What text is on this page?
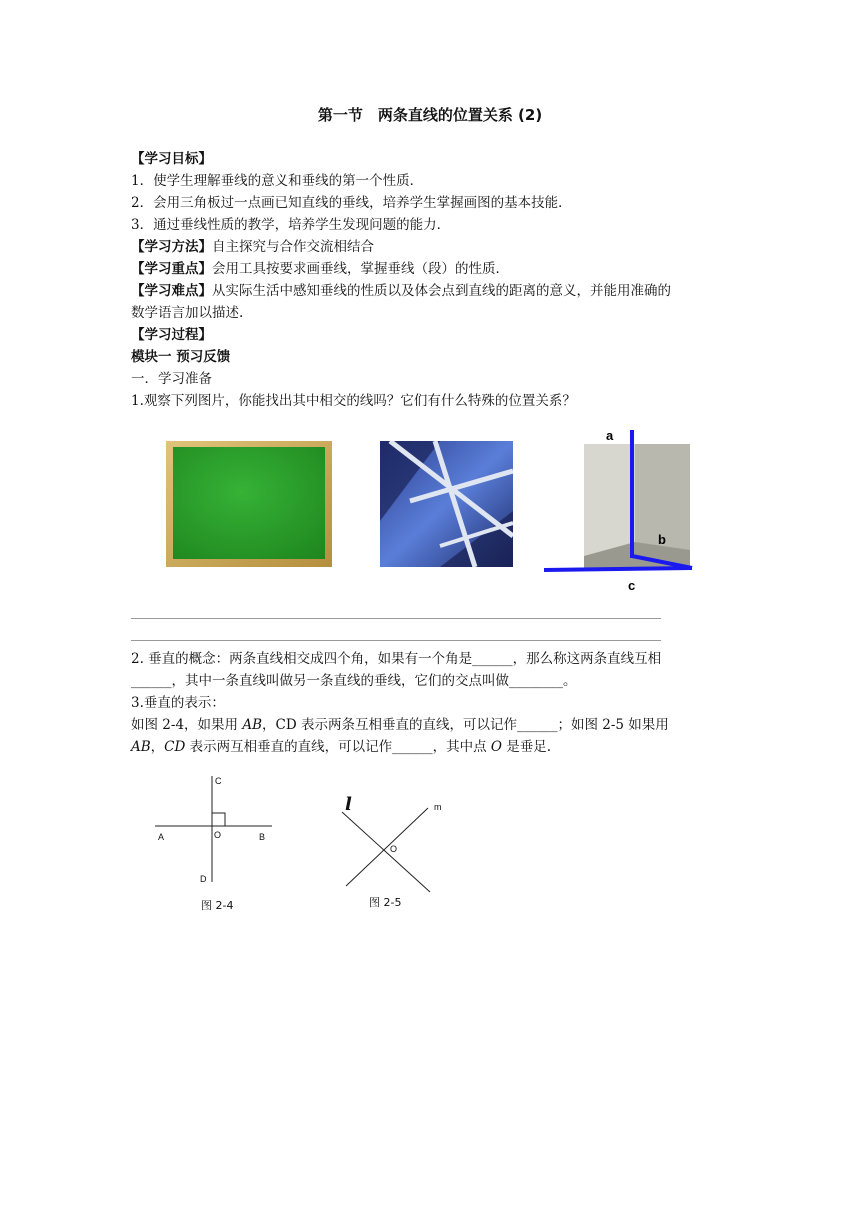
第一节　两条直线的位置关系 (2)
【学习目标】
1．使学生理解垂线的意义和垂线的第一个性质．
2．会用三角板过一点画已知直线的垂线，培养学生掌握画图的基本技能．
3．通过垂线性质的教学，培养学生发现问题的能力．
【学习方法】自主探究与合作交流相结合
【学习重点】会用工具按要求画垂线，掌握垂线（段）的性质．
【学习难点】从实际生活中感知垂线的性质以及体会点到直线的距离的意义，并能用准确的
数学语言加以描述.
【学习过程】
模块一 预习反馈
一．学习准备
1.观察下列图片，你能找出其中相交的线吗？它们有什么特殊的位置关系？
a
b
c
2. 垂直的概念：两条直线相交成四个角，如果有一个角是______，那么称这两条直线互相
______，其中一条直线叫做另一条直线的垂线，它们的交点叫做________。
3.垂直的表示：
如图 2-4，如果用 AB，CD 表示两条互相垂直的直线，可以记作______；如图 2-5 如果用
AB，CD 表示两互相垂直的直线，可以记作______，其中点 O 是垂足.
C
A	O	B
D
图 2-4
l	m
O
图 2-5
